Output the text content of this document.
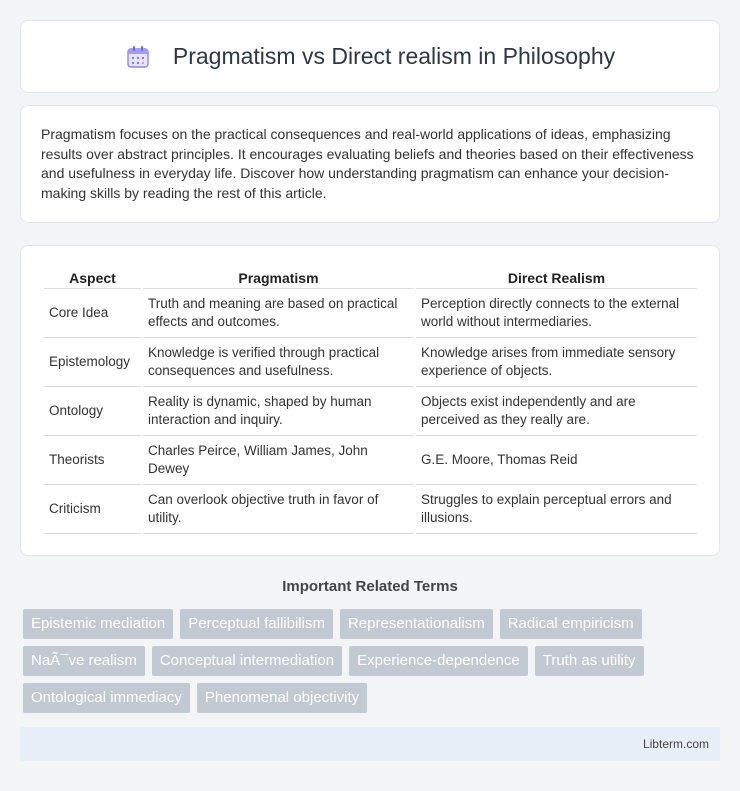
Pragmatism vs Direct realism in Philosophy

Pragmatism focuses on the practical consequences and real-world applications of ideas, emphasizing results over abstract principles. It encourages evaluating beliefs and theories based on their effectiveness and usefulness in everyday life. Discover how understanding pragmatism can enhance your decision-making skills by reading the rest of this article.

Aspect	Pragmatism	Direct Realism
Core Idea	Truth and meaning are based on practical effects and outcomes.	Perception directly connects to the external world without intermediaries.
Epistemology	Knowledge is verified through practical consequences and usefulness.	Knowledge arises from immediate sensory experience of objects.
Ontology	Reality is dynamic, shaped by human interaction and inquiry.	Objects exist independently and are perceived as they really are.
Theorists	Charles Peirce, William James, John Dewey	G.E. Moore, Thomas Reid
Criticism	Can overlook objective truth in favor of utility.	Struggles to explain perceptual errors and illusions.
Important Related Terms
Epistemic mediation	Perceptual fallibilism	Representationalism	Radical empiricism
NaÃ¯ve realism	Conceptual intermediation	Experience-dependence	Truth as utility
Ontological immediacy	Phenomenal objectivity
Libterm.com
